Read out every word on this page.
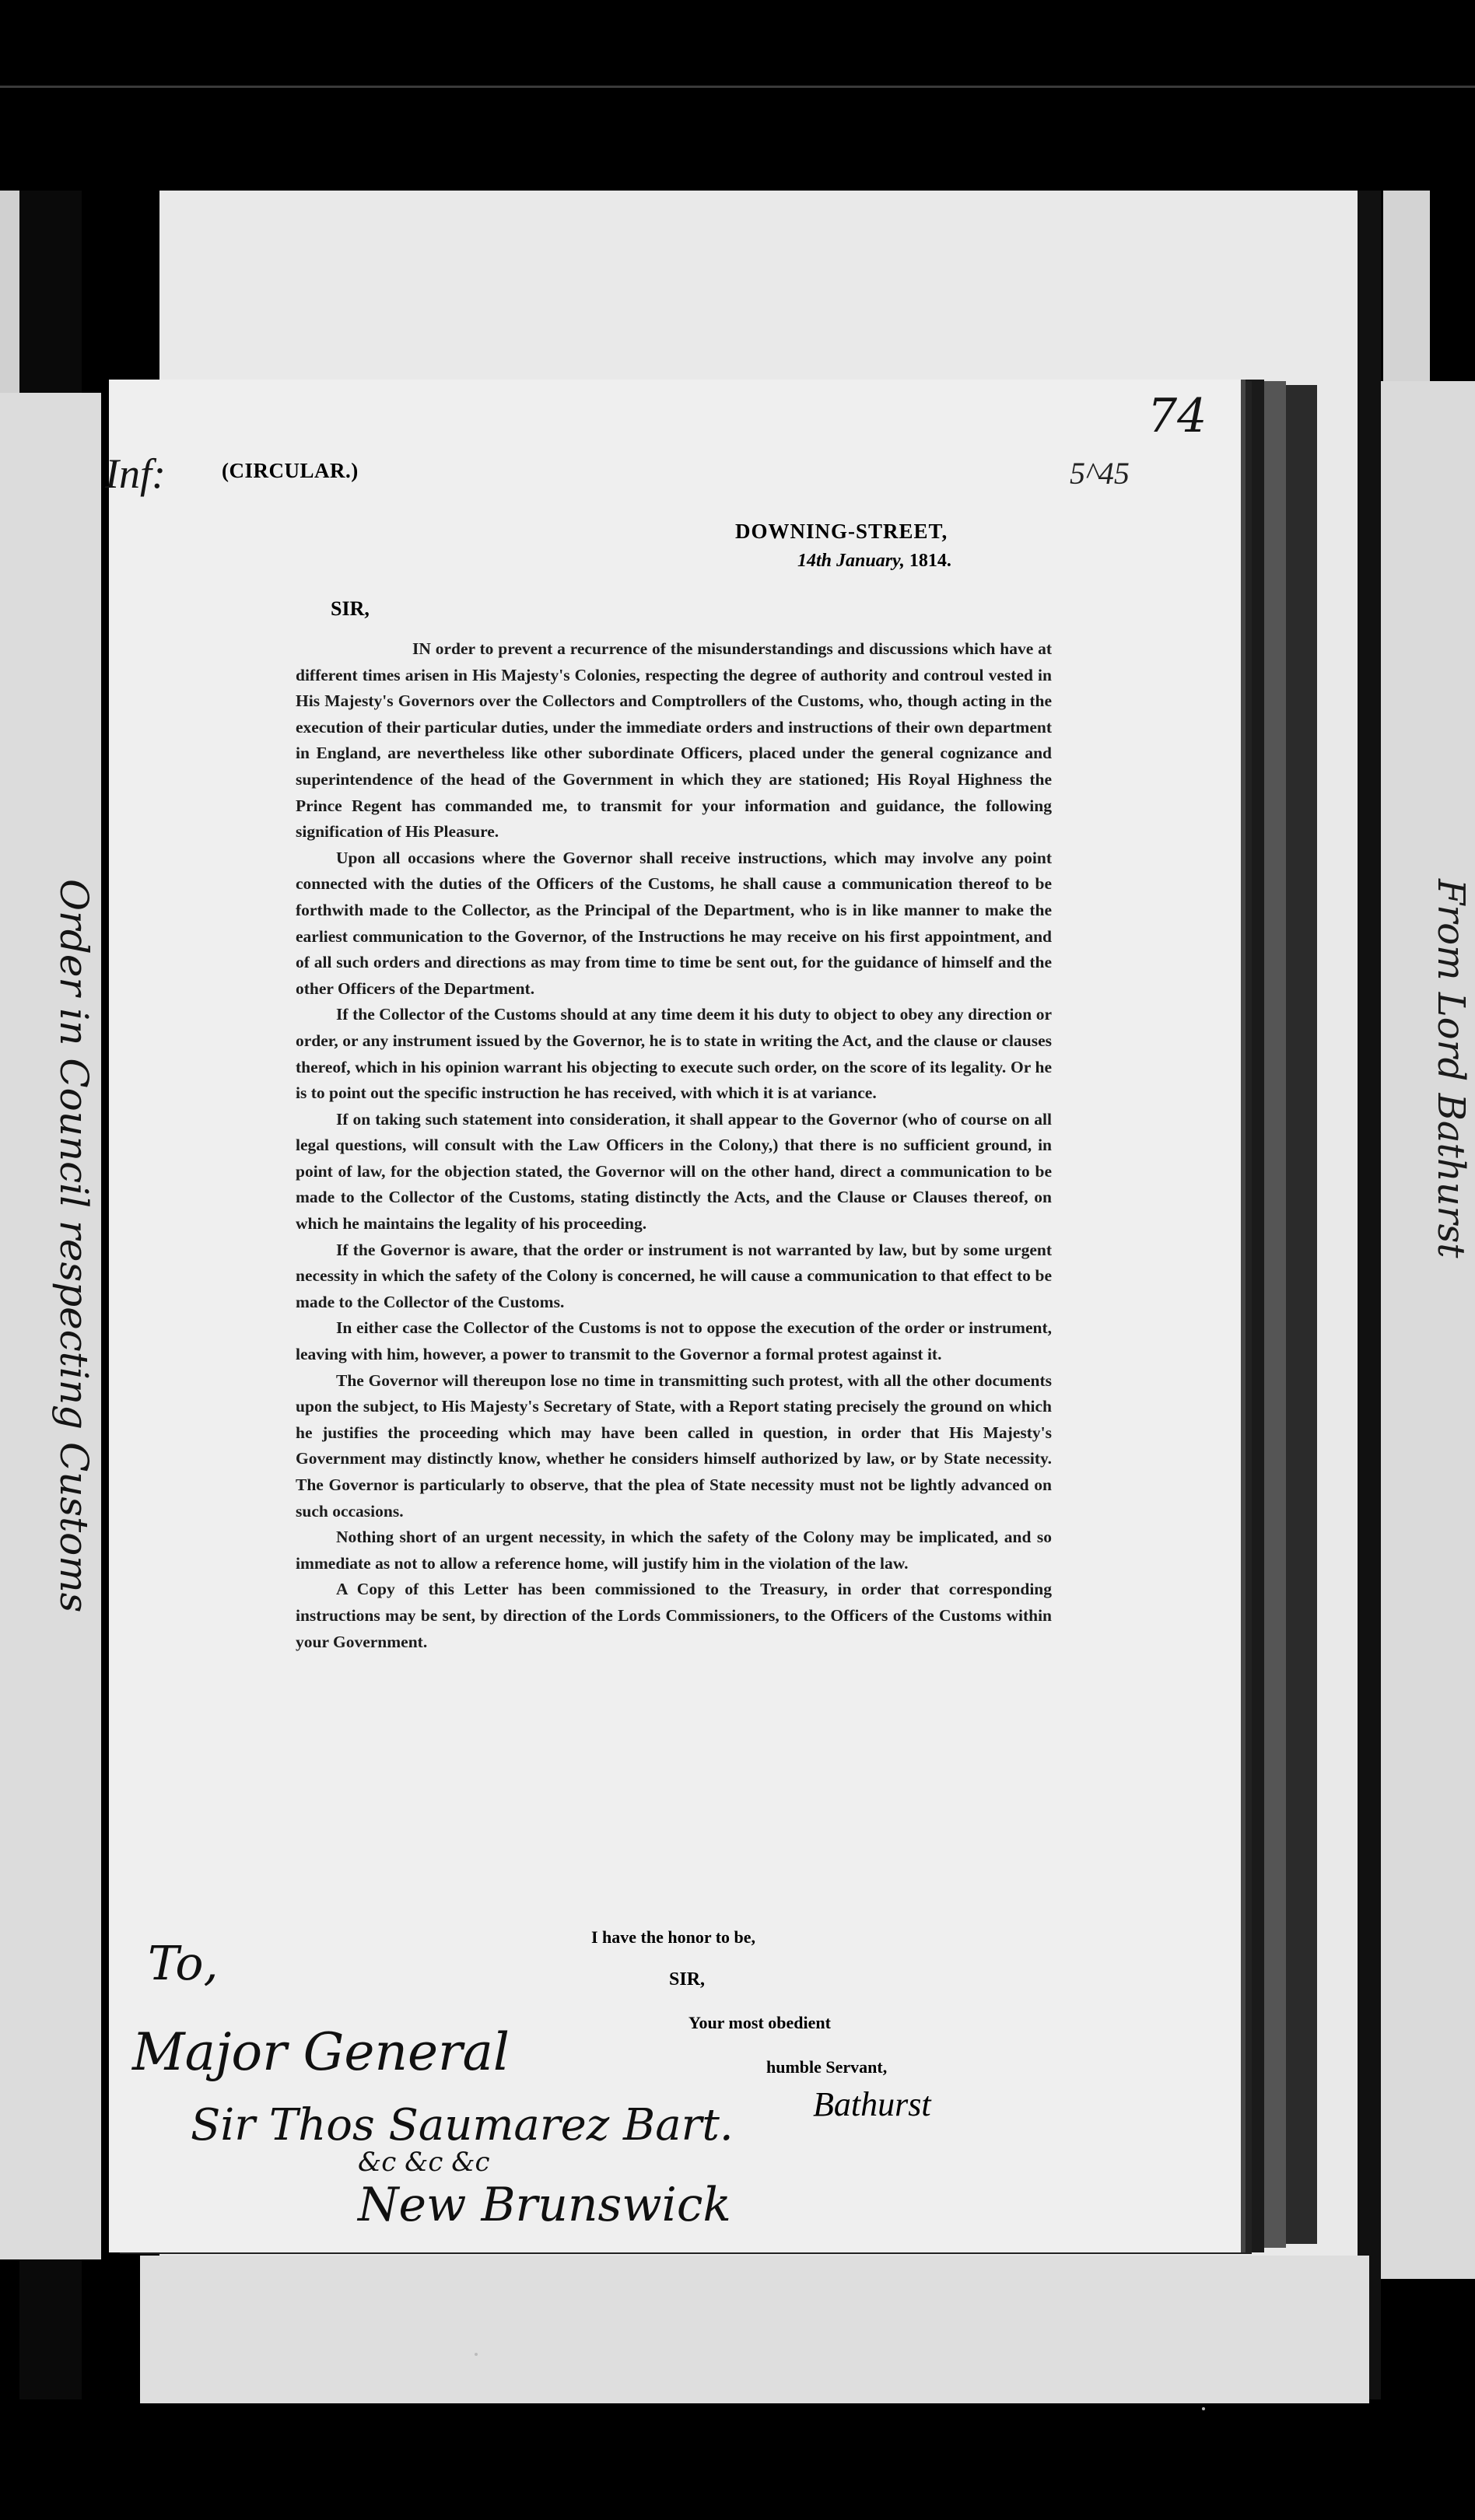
74
Inf:	(CIRCULAR.)	5^45
DOWNING-STREET,
14th January, 1814.
SIR,

IN order to prevent a recurrence of the misunderstandings and discussions which have at different times arisen in His Majesty's Colonies, respecting the degree of authority and controul vested in His Majesty's Governors over the Collectors and Comptrollers of the Customs, who, though acting in the execution of their particular duties, under the immediate orders and instructions of their own department in England, are nevertheless like other subordinate Officers, placed under the general cognizance and superintendence of the head of the Government in which they are stationed; His Royal Highness the Prince Regent has commanded me, to transmit for your information and guidance, the following signification of His Pleasure.

Upon all occasions where the Governor shall receive instructions, which may involve any point connected with the duties of the Officers of the Customs, he shall cause a communication thereof to be forthwith made to the Collector, as the Principal of the Department, who is in like manner to make the earliest communication to the Governor, of the Instructions he may receive on his first appointment, and of all such orders and directions as may from time to time be sent out, for the guidance of himself and the other Officers of the Department.

If the Collector of the Customs should at any time deem it his duty to object to obey any direction or order, or any instrument issued by the Governor, he is to state in writing the Act, and the clause or clauses thereof, which in his opinion warrant his objecting to execute such order, on the score of its legality. Or he is to point out the specific instruction he has received, with which it is at variance.

If on taking such statement into consideration, it shall appear to the Governor (who of course on all legal questions, will consult with the Law Officers in the Colony,) that there is no sufficient ground, in point of law, for the objection stated, the Governor will on the other hand, direct a communication to be made to the Collector of the Customs, stating distinctly the Acts, and the Clause or Clauses thereof, on which he maintains the legality of his proceeding.

If the Governor is aware, that the order or instrument is not warranted by law, but by some urgent necessity in which the safety of the Colony is concerned, he will cause a communication to that effect to be made to the Collector of the Customs.

In either case the Collector of the Customs is not to oppose the execution of the order or instrument, leaving with him, however, a power to transmit to the Governor a formal protest against it.

The Governor will thereupon lose no time in transmitting such protest, with all the other documents upon the subject, to His Majesty's Secretary of State, with a Report stating precisely the ground on which he justifies the proceeding which may have been called in question, in order that His Majesty's Government may distinctly know, whether he considers himself authorized by law, or by State necessity. The Governor is particularly to observe, that the plea of State necessity must not be lightly advanced on such occasions.

Nothing short of an urgent necessity, in which the safety of the Colony may be implicated, and so immediate as not to allow a reference home, will justify him in the violation of the law.

A Copy of this Letter has been commissioned to the Treasury, in order that corresponding instructions may be sent, by direction of the Lords Commissioners, to the Officers of the Customs within your Government.

I have the honor to be,
SIR,
Your most obedient
humble Servant,
Bathurst
To,
Major General
Sir Thos Saumarez Bart.
&c &c &c
New Brunswick
Order in Council respecting Customs	From Lord Bathurst
